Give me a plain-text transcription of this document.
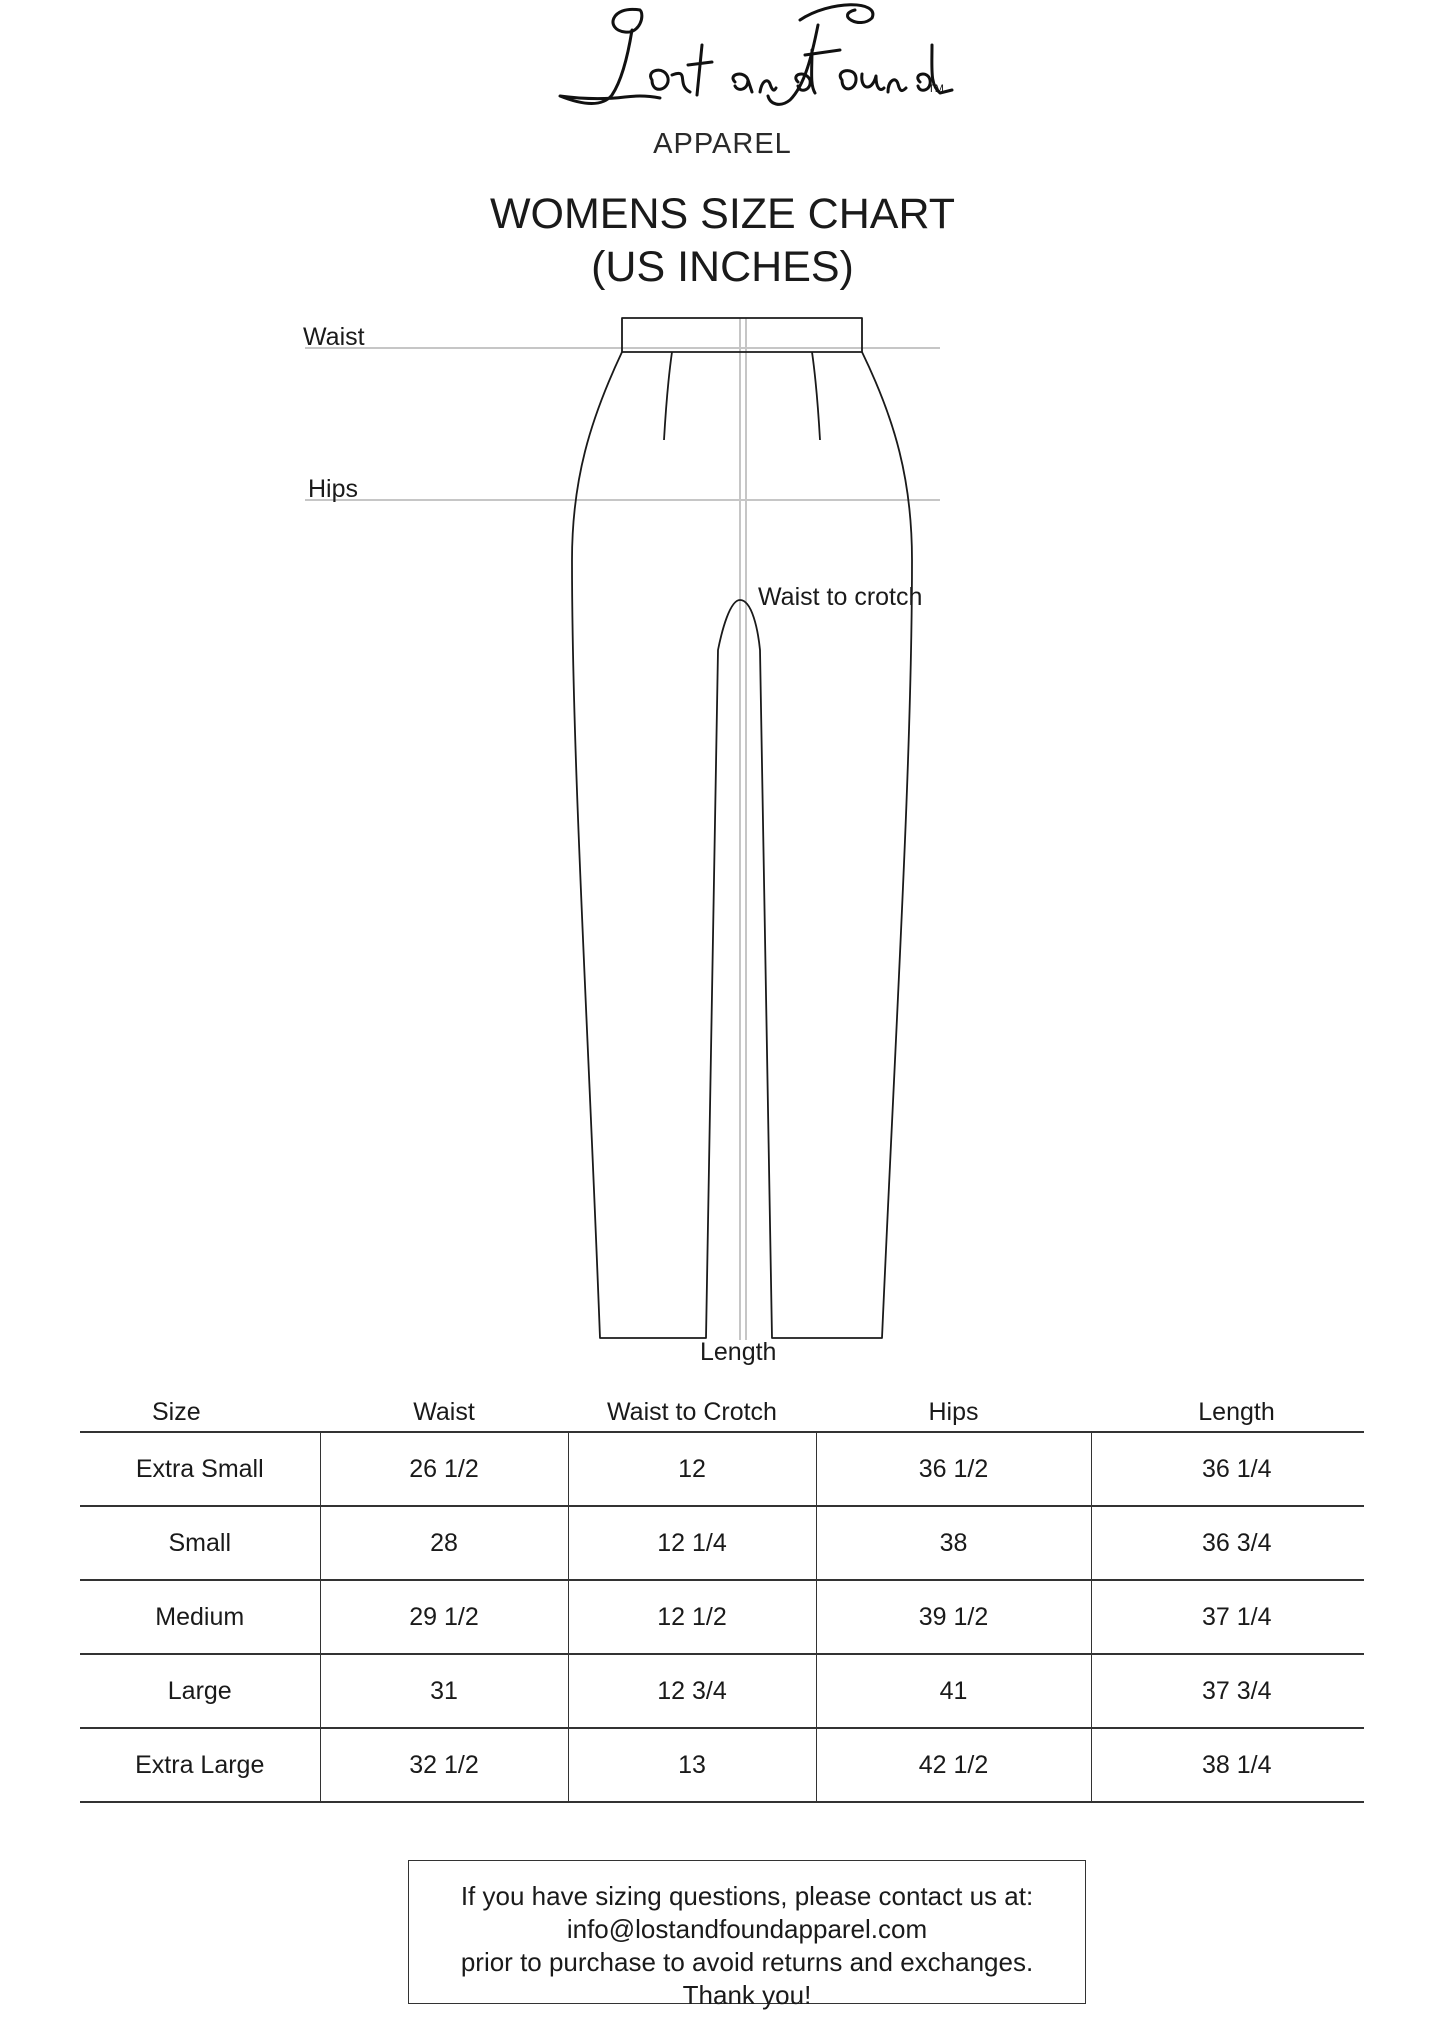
TM
APPAREL
WOMENS SIZE CHART
(US INCHES)
Waist
Hips
Waist to crotch
Length
Size	Waist	Waist to Crotch	Hips	Length
Extra Small	26 1/2	12	36 1/2	36 1/4
Small	28	12 1/4	38	36 3/4
Medium	29 1/2	12 1/2	39 1/2	37 1/4
Large	31	12 3/4	41	37 3/4
Extra Large	32 1/2	13	42 1/2	38 1/4
If you have sizing questions, please contact us at:
info@lostandfoundapparel.com
prior to purchase to avoid returns and exchanges.
Thank you!
